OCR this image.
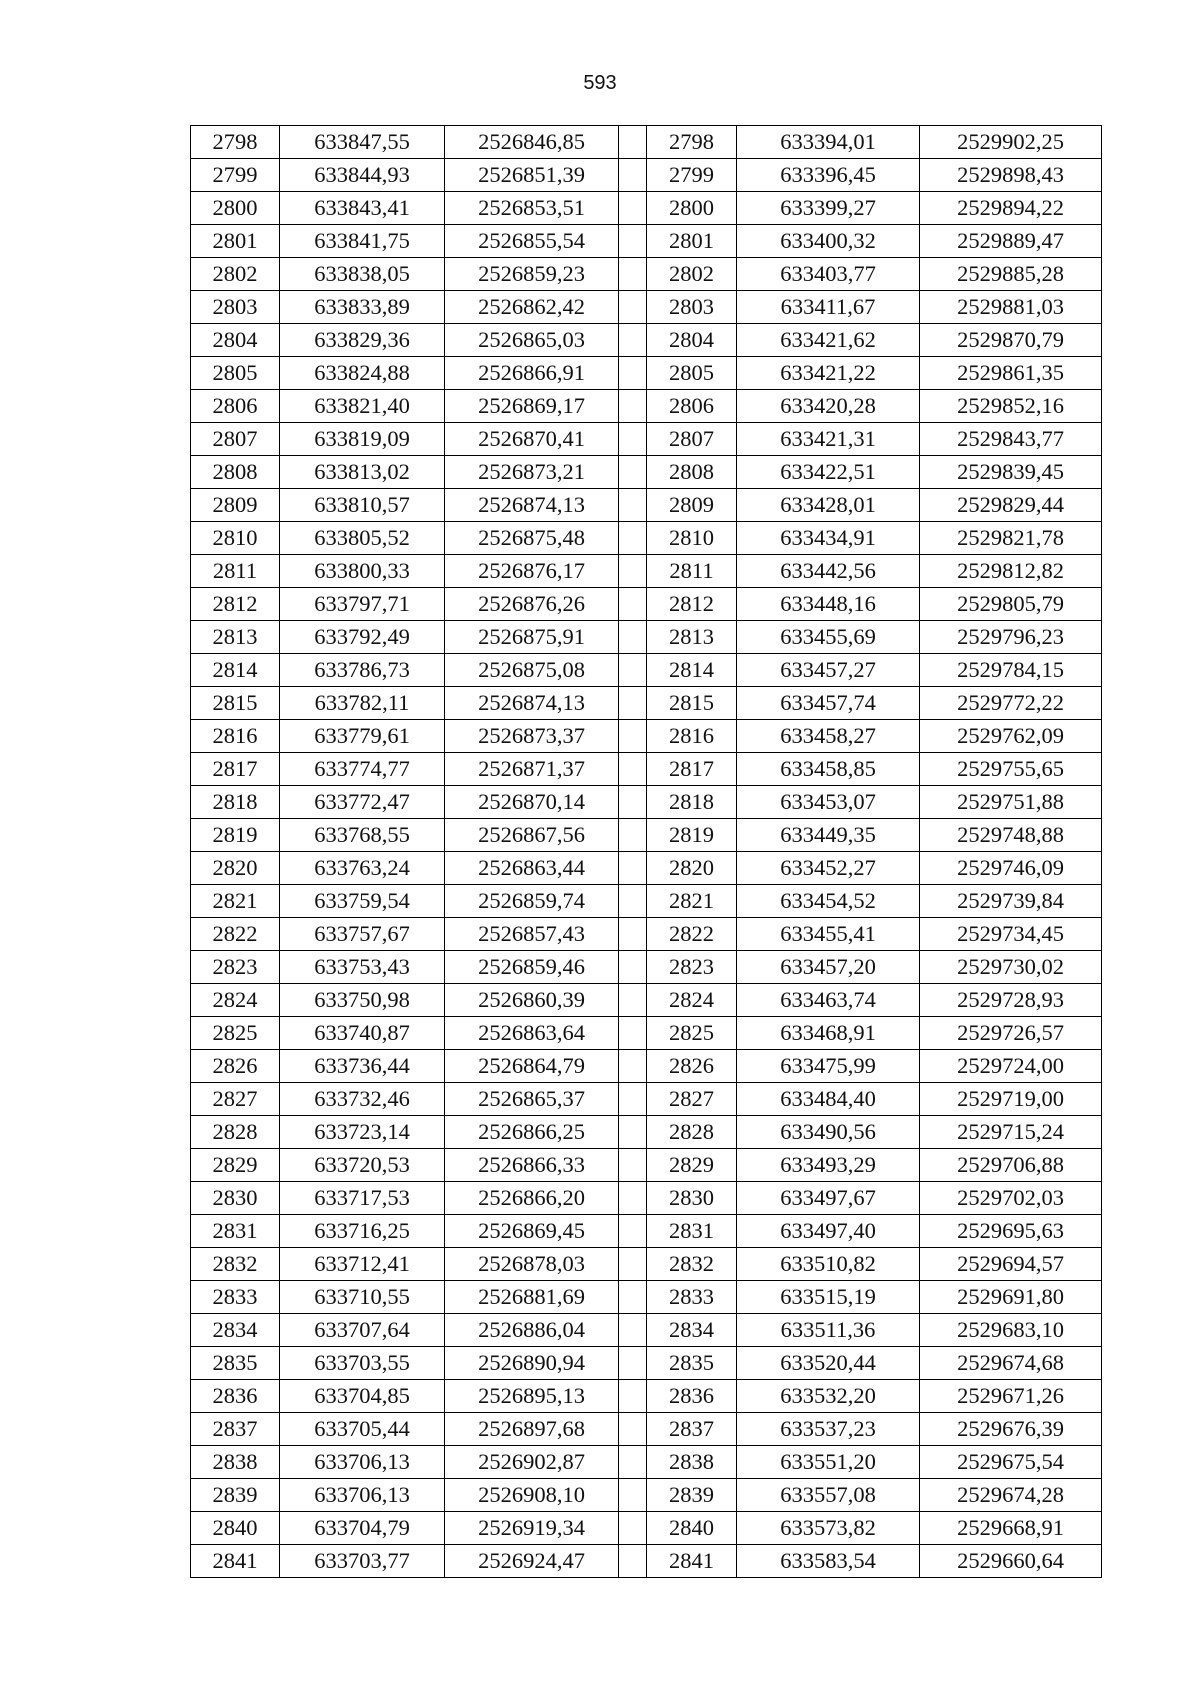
593
2798	633847,55	2526846,85		2798	633394,01	2529902,25
2799	633844,93	2526851,39		2799	633396,45	2529898,43
2800	633843,41	2526853,51		2800	633399,27	2529894,22
2801	633841,75	2526855,54		2801	633400,32	2529889,47
2802	633838,05	2526859,23		2802	633403,77	2529885,28
2803	633833,89	2526862,42		2803	633411,67	2529881,03
2804	633829,36	2526865,03		2804	633421,62	2529870,79
2805	633824,88	2526866,91		2805	633421,22	2529861,35
2806	633821,40	2526869,17		2806	633420,28	2529852,16
2807	633819,09	2526870,41		2807	633421,31	2529843,77
2808	633813,02	2526873,21		2808	633422,51	2529839,45
2809	633810,57	2526874,13		2809	633428,01	2529829,44
2810	633805,52	2526875,48		2810	633434,91	2529821,78
2811	633800,33	2526876,17		2811	633442,56	2529812,82
2812	633797,71	2526876,26		2812	633448,16	2529805,79
2813	633792,49	2526875,91		2813	633455,69	2529796,23
2814	633786,73	2526875,08		2814	633457,27	2529784,15
2815	633782,11	2526874,13		2815	633457,74	2529772,22
2816	633779,61	2526873,37		2816	633458,27	2529762,09
2817	633774,77	2526871,37		2817	633458,85	2529755,65
2818	633772,47	2526870,14		2818	633453,07	2529751,88
2819	633768,55	2526867,56		2819	633449,35	2529748,88
2820	633763,24	2526863,44		2820	633452,27	2529746,09
2821	633759,54	2526859,74		2821	633454,52	2529739,84
2822	633757,67	2526857,43		2822	633455,41	2529734,45
2823	633753,43	2526859,46		2823	633457,20	2529730,02
2824	633750,98	2526860,39		2824	633463,74	2529728,93
2825	633740,87	2526863,64		2825	633468,91	2529726,57
2826	633736,44	2526864,79		2826	633475,99	2529724,00
2827	633732,46	2526865,37		2827	633484,40	2529719,00
2828	633723,14	2526866,25		2828	633490,56	2529715,24
2829	633720,53	2526866,33		2829	633493,29	2529706,88
2830	633717,53	2526866,20		2830	633497,67	2529702,03
2831	633716,25	2526869,45		2831	633497,40	2529695,63
2832	633712,41	2526878,03		2832	633510,82	2529694,57
2833	633710,55	2526881,69		2833	633515,19	2529691,80
2834	633707,64	2526886,04		2834	633511,36	2529683,10
2835	633703,55	2526890,94		2835	633520,44	2529674,68
2836	633704,85	2526895,13		2836	633532,20	2529671,26
2837	633705,44	2526897,68		2837	633537,23	2529676,39
2838	633706,13	2526902,87		2838	633551,20	2529675,54
2839	633706,13	2526908,10		2839	633557,08	2529674,28
2840	633704,79	2526919,34		2840	633573,82	2529668,91
2841	633703,77	2526924,47		2841	633583,54	2529660,64
